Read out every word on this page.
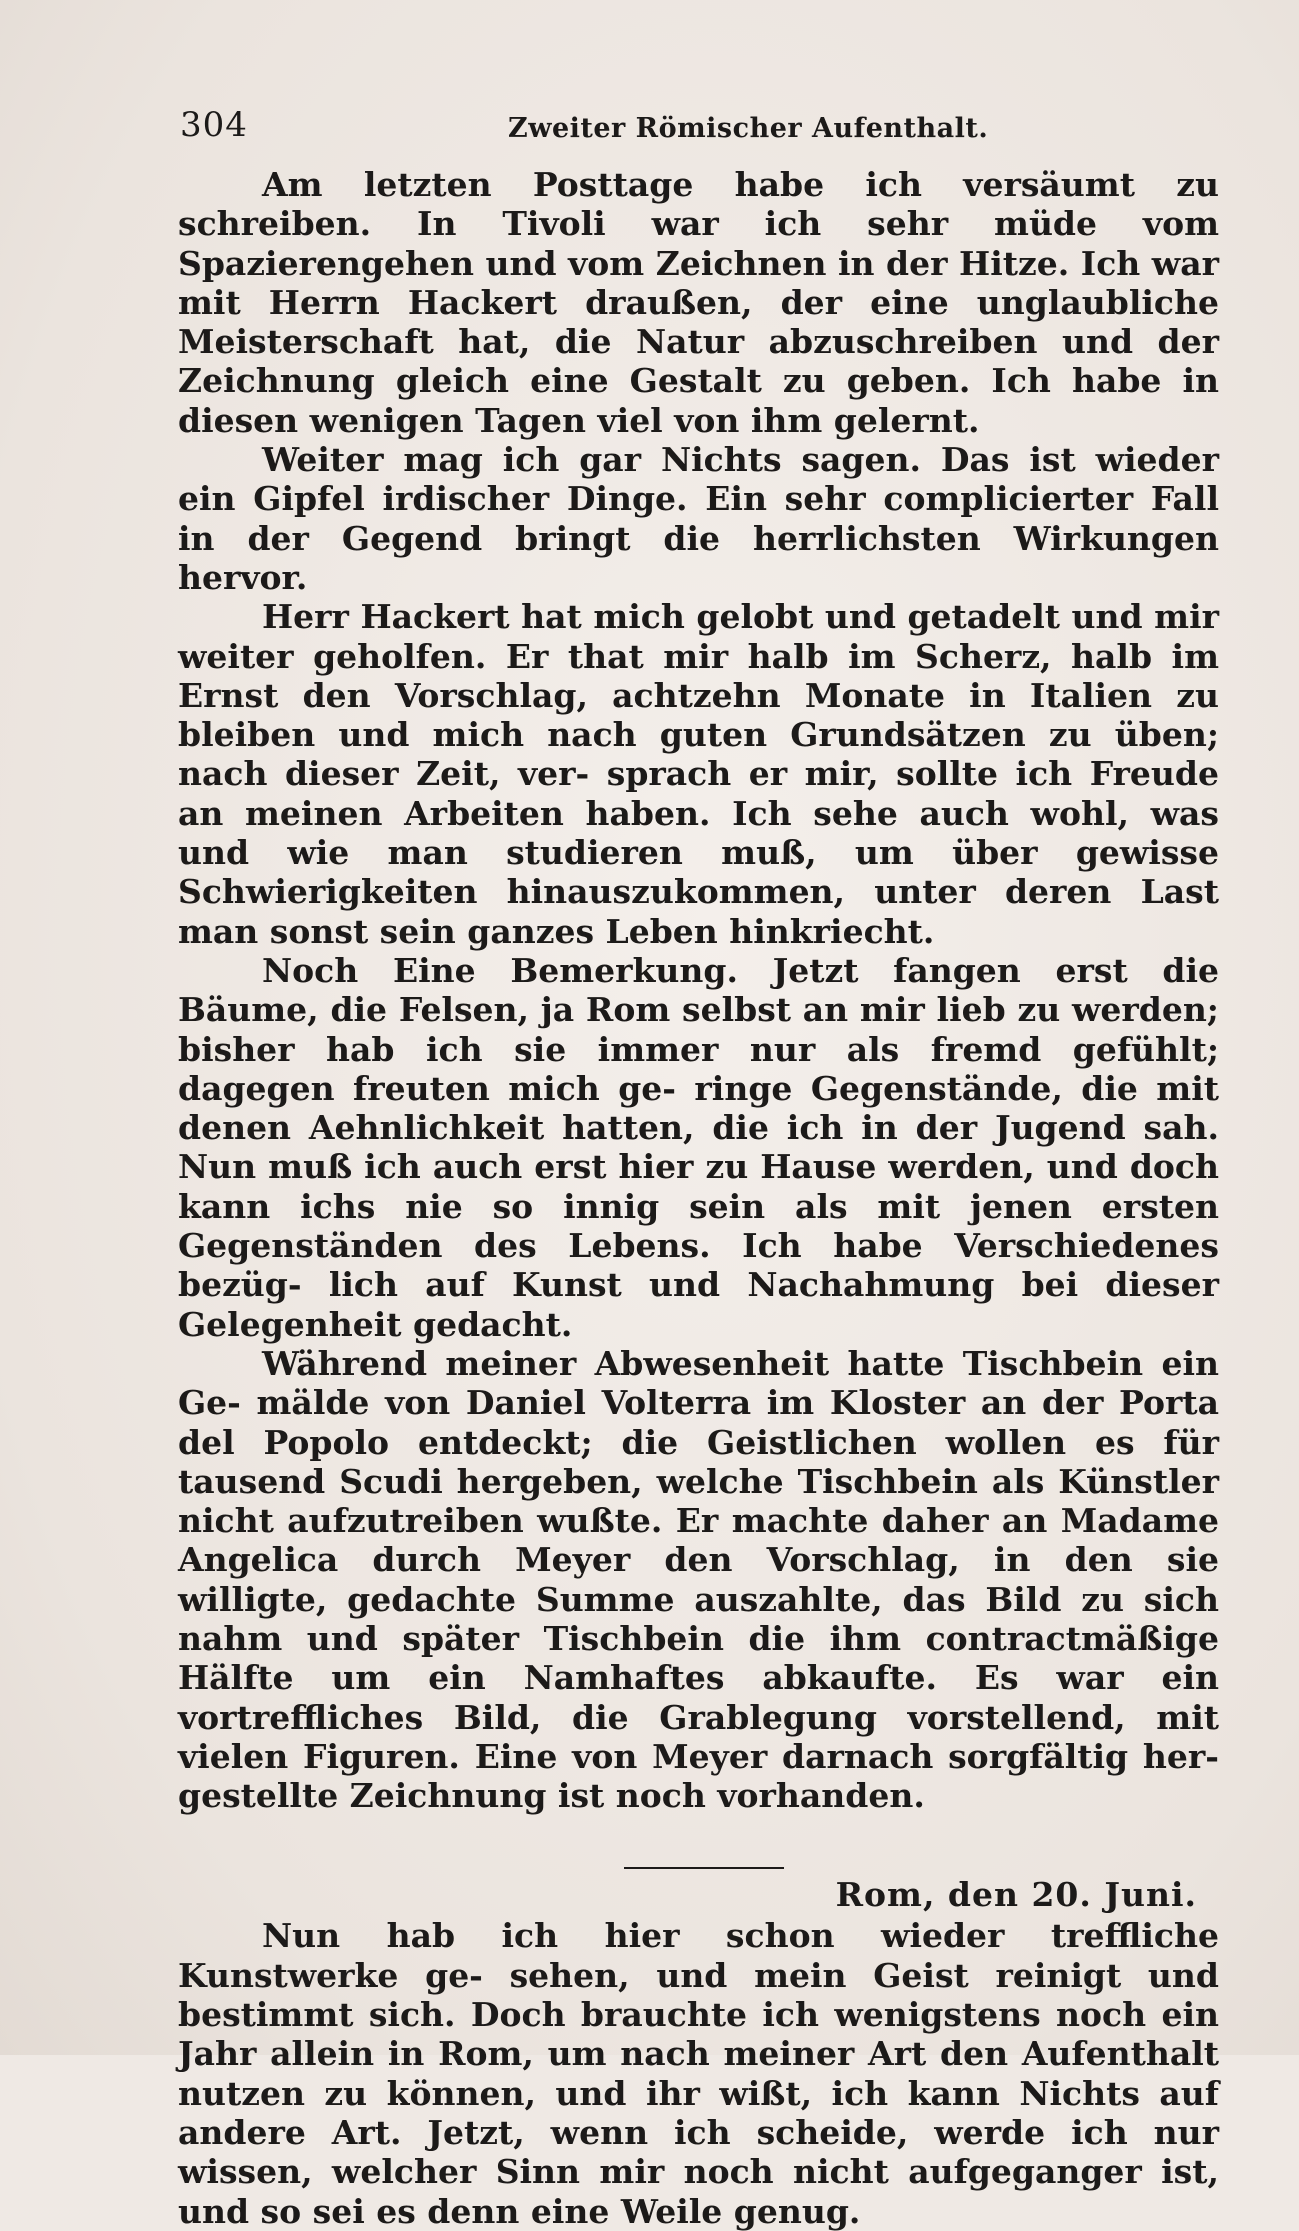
304	Zweiter Römischer Aufenthalt.

Am letzten Posttage habe ich versäumt zu schreiben. In Tivoli war ich sehr müde vom Spazierengehen und vom Zeichnen in der Hitze. Ich war mit Herrn Hackert draußen, der eine unglaubliche Meisterschaft hat, die Natur abzuschreiben und der Zeichnung gleich eine Gestalt zu geben. Ich habe in diesen wenigen Tagen viel von ihm gelernt.

Weiter mag ich gar Nichts sagen. Das ist wieder ein Gipfel irdischer Dinge. Ein sehr complicierter Fall in der Gegend bringt die herrlichsten Wirkungen hervor.

Herr Hackert hat mich gelobt und getadelt und mir weiter geholfen. Er that mir halb im Scherz, halb im Ernst den Vorschlag, achtzehn Monate in Italien zu bleiben und mich nach guten Grundsätzen zu üben; nach dieser Zeit, ver- sprach er mir, sollte ich Freude an meinen Arbeiten haben. Ich sehe auch wohl, was und wie man studieren muß, um über gewisse Schwierigkeiten hinauszukommen, unter deren Last man sonst sein ganzes Leben hinkriecht.

Noch Eine Bemerkung. Jetzt fangen erst die Bäume, die Felsen, ja Rom selbst an mir lieb zu werden; bisher hab ich sie immer nur als fremd gefühlt; dagegen freuten mich ge- ringe Gegenstände, die mit denen Aehnlichkeit hatten, die ich in der Jugend sah. Nun muß ich auch erst hier zu Hause werden, und doch kann ichs nie so innig sein als mit jenen ersten Gegenständen des Lebens. Ich habe Verschiedenes bezüg- lich auf Kunst und Nachahmung bei dieser Gelegenheit gedacht.

Während meiner Abwesenheit hatte Tischbein ein Ge- mälde von Daniel Volterra im Kloster an der Porta del Popolo entdeckt; die Geistlichen wollen es für tausend Scudi hergeben, welche Tischbein als Künstler nicht aufzutreiben wußte. Er machte daher an Madame Angelica durch Meyer den Vorschlag, in den sie willigte, gedachte Summe auszahlte, das Bild zu sich nahm und später Tischbein die ihm contractmäßige Hälfte um ein Namhaftes abkaufte. Es war ein vortreffliches Bild, die Grablegung vorstellend, mit vielen Figuren. Eine von Meyer darnach sorgfältig her- gestellte Zeichnung ist noch vorhanden.

Rom, den 20. Juni.

Nun hab ich hier schon wieder treffliche Kunstwerke ge- sehen, und mein Geist reinigt und bestimmt sich. Doch brauchte ich wenigstens noch ein Jahr allein in Rom, um nach meiner Art den Aufenthalt nutzen zu können, und ihr wißt, ich kann Nichts auf andere Art. Jetzt, wenn ich scheide, werde ich nur wissen, welcher Sinn mir noch nicht aufgeganger ist, und so sei es denn eine Weile genug.
